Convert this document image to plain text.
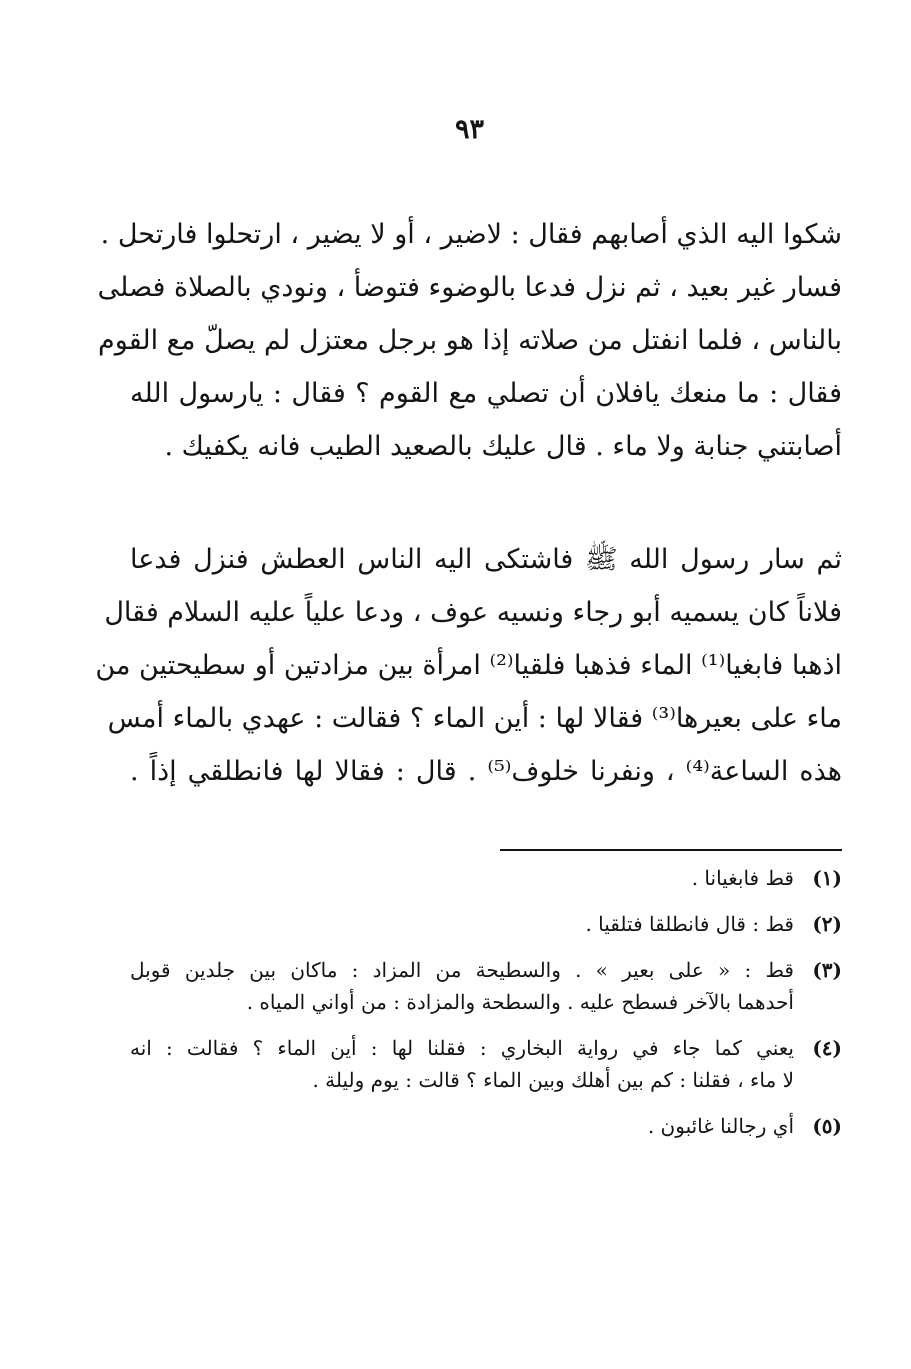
٩٣
شكوا اليه الذي أصابهم فقال : لاضير ، أو لا يضير ، ارتحلوا فارتحل .
فسار غير بعيد ، ثم نزل فدعا بالوضوء فتوضأ ، ونودي بالصلاة فصلى
بالناس ، فلما انفتل من صلاته إذا هو برجل معتزل لم يصلّ مع القوم
فقال : ما منعك يافلان أن تصلي مع القوم ؟ فقال : يارسول الله
أصابتني جنابة ولا ماء . قال عليك بالصعيد الطيب فانه يكفيك .
ثم سار رسول الله ﷺ فاشتكى اليه الناس العطش فنزل فدعا
فلاناً كان يسميه أبو رجاء ونسيه عوف ، ودعا علياً عليه السلام فقال
اذهبا فابغيا⁽¹⁾ الماء فذهبا فلقيا⁽²⁾ امرأة بين مزادتين أو سطيحتين من
ماء على بعيرها⁽³⁾ فقالا لها : أين الماء ؟ فقالت : عهدي بالماء أمس
هذه الساعة⁽⁴⁾ ، ونفرنا خلوف⁽⁵⁾ . قال : فقالا لها فانطلقي إذاً .
(١)
قط فابغيانا .
(٢)
قط : قال فانطلقا فتلقيا .
(٣)
قط : « على بعير » . والسطيحة من المزاد : ماكان بين جلدين قوبل
أحدهما بالآخر فسطح عليه . والسطحة والمزادة : من أواني المياه .
(٤)
يعني كما جاء في رواية البخاري : فقلنا لها : أين الماء ؟ فقالت : انه
لا ماء ، فقلنا : كم بين أهلك وبين الماء ؟ قالت : يوم وليلة .
(٥)
أي رجالنا غائبون .
